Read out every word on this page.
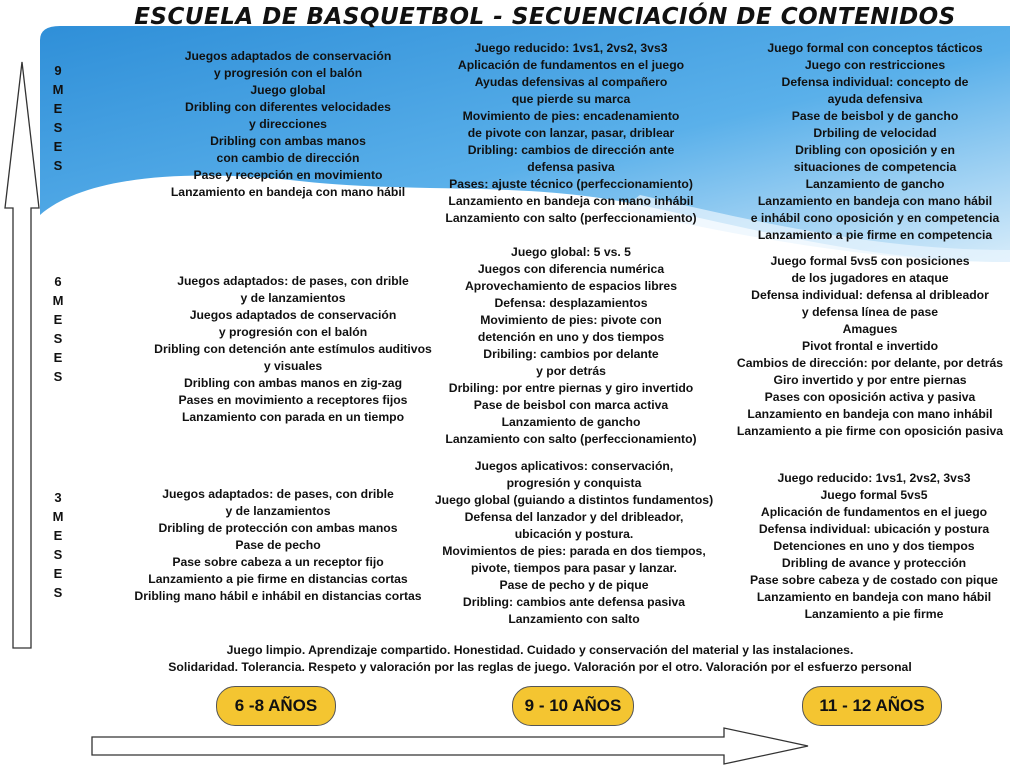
ESCUELA DE BASQUETBOL - SECUENCIACIÓN DE CONTENIDOS
9
M
E
S
E
S
6
M
E
S
E
S
3
M
E
S
E
S
Juegos adaptados de conservación
y progresión con el balón
Juego global
Dribling con diferentes velocidades
y direcciones
Dribling con ambas manos
con cambio de dirección
Pase y recepción en movimiento
Lanzamiento en bandeja con mano hábil
Juego reducido: 1vs1, 2vs2, 3vs3
Aplicación de fundamentos en el juego
Ayudas defensivas al compañero
que pierde su marca
Movimiento de pies: encadenamiento
de pivote con lanzar, pasar, driblear
Dribling: cambios de dirección ante
defensa pasiva
Pases: ajuste técnico (perfeccionamiento)
Lanzamiento en bandeja con mano inhábil
Lanzamiento con salto (perfeccionamiento)
Juego formal con conceptos tácticos
Juego con restricciones
Defensa individual: concepto de
ayuda defensiva
Pase de beisbol y de gancho
Drbiling de velocidad
Dribling con oposición y en
situaciones de competencia
Lanzamiento de gancho
Lanzamiento en bandeja con mano hábil
e inhábil cono oposición y en competencia
Lanzamiento a pie firme en competencia
Juegos adaptados: de pases, con drible
y de lanzamientos
Juegos adaptados de conservación
y progresión con el balón
Dribling con detención ante estímulos auditivos
y visuales
Dribling con ambas manos en zig-zag
Pases en movimiento a receptores fijos
Lanzamiento con parada en un tiempo
Juego global: 5 vs. 5
Juegos con diferencia numérica
Aprovechamiento de espacios libres
Defensa: desplazamientos
Movimiento de pies: pivote con
detención en uno y dos tiempos
Dribiling: cambios por delante
y por detrás
Drbiling: por entre piernas y giro invertido
Pase de beisbol con marca activa
Lanzamiento de gancho
Lanzamiento con salto (perfeccionamiento)
Juego formal 5vs5 con posiciones
de los jugadores en ataque
Defensa individual: defensa al dribleador
y defensa línea de pase
Amagues
Pivot frontal e invertido
Cambios de dirección: por delante, por detrás
Giro invertido y por entre piernas
Pases con oposición activa y pasiva
Lanzamiento en bandeja con mano inhábil
Lanzamiento a pie firme con oposición pasiva
Juegos adaptados: de pases, con drible
y de lanzamientos
Dribling de protección con ambas manos
Pase de pecho
Pase sobre cabeza a un receptor fijo
Lanzamiento a pie firme en distancias cortas
Dribling mano hábil e inhábil en distancias cortas
Juegos aplicativos: conservación,
progresión y conquista
Juego global (guiando a distintos fundamentos)
Defensa del lanzador y del dribleador,
ubicación y postura.
Movimientos de pies: parada en dos tiempos,
pivote, tiempos para pasar y lanzar.
Pase de pecho y de pique
Dribling: cambios ante defensa pasiva
Lanzamiento con salto
Juego reducido: 1vs1, 2vs2, 3vs3
Juego formal 5vs5
Aplicación de fundamentos en el juego
Defensa individual: ubicación y postura
Detenciones en uno y dos tiempos
Dribling de avance y protección
Pase sobre cabeza y de costado con pique
Lanzamiento en bandeja con mano hábil
Lanzamiento a pie firme
Juego limpio. Aprendizaje compartido. Honestidad. Cuidado y conservación del material y las instalaciones.
Solidaridad. Tolerancia. Respeto y valoración por las reglas de juego. Valoración por el otro. Valoración por el esfuerzo personal
6 -8 AÑOS	9 - 10 AÑOS	11 - 12 AÑOS
